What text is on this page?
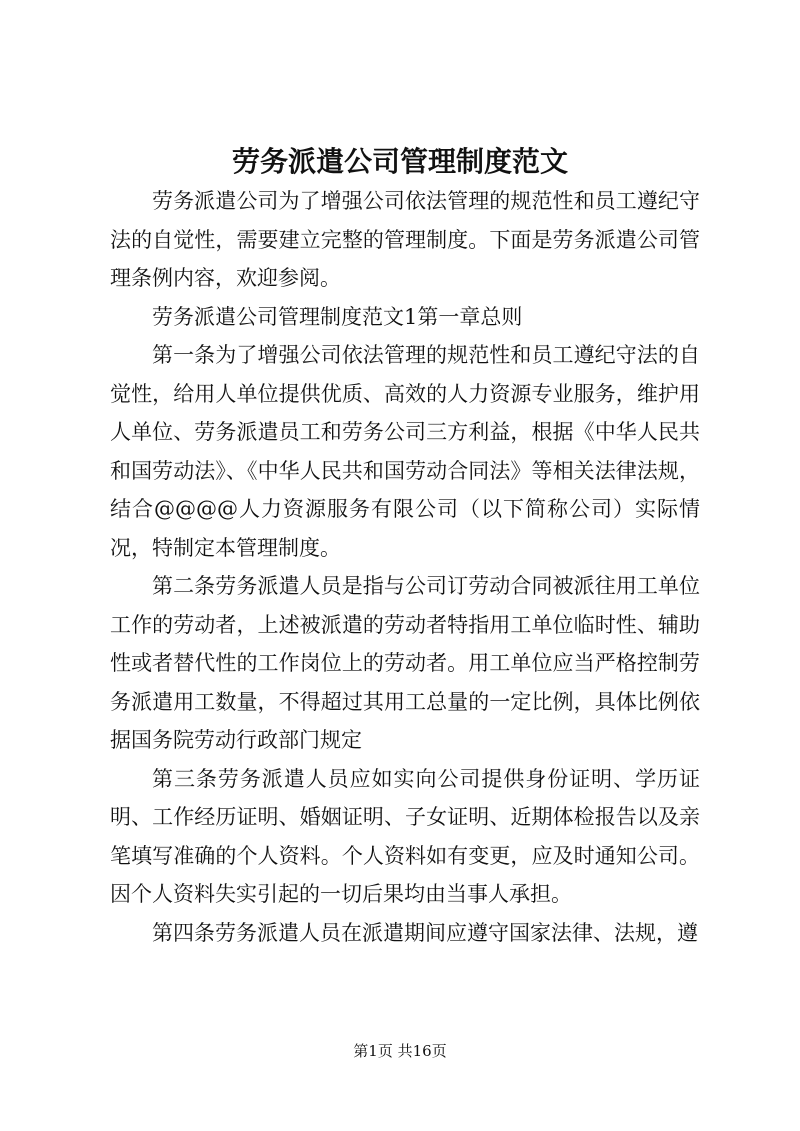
劳务派遣公司管理制度范文

劳务派遣公司为了增强公司依法管理的规范性和员工遵纪守法的自觉性，需要建立完整的管理制度。下面是劳务派遣公司管理条例内容，欢迎参阅。

劳务派遣公司管理制度范文1第一章总则

第一条为了增强公司依法管理的规范性和员工遵纪守法的自觉性，给用人单位提供优质、高效的人力资源专业服务，维护用人单位、劳务派遣员工和劳务公司三方利益，根据《中华人民共和国劳动法》、《中华人民共和国劳动合同法》等相关法律法规，结合@@@@人力资源服务有限公司（以下简称公司）实际情况，特制定本管理制度。

第二条劳务派遣人员是指与公司订劳动合同被派往用工单位工作的劳动者，上述被派遣的劳动者特指用工单位临时性、辅助性或者替代性的工作岗位上的劳动者。用工单位应当严格控制劳务派遣用工数量，不得超过其用工总量的一定比例，具体比例依据国务院劳动行政部门规定

第三条劳务派遣人员应如实向公司提供身份证明、学历证明、工作经历证明、婚姻证明、子女证明、近期体检报告以及亲笔填写准确的个人资料。个人资料如有变更，应及时通知公司。因个人资料失实引起的一切后果均由当事人承担。

第四条劳务派遣人员在派遣期间应遵守国家法律、法规，遵

第1页 共16页
